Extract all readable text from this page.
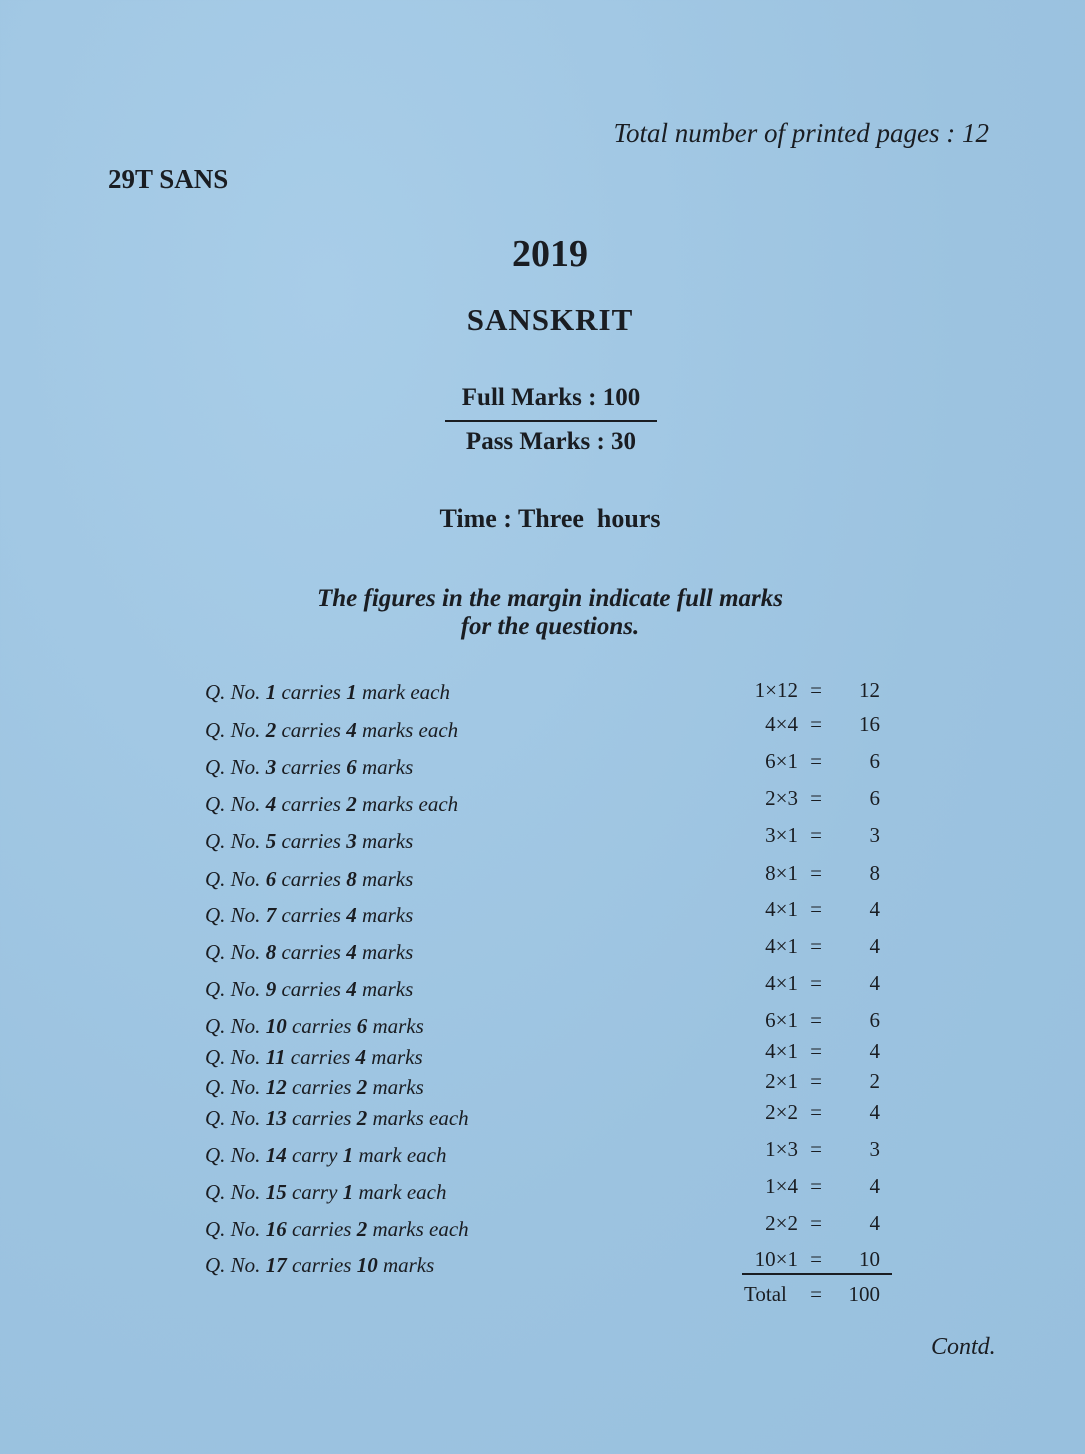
Total number of printed pages : 12
29T SANS
2019
SANSKRIT
Full Marks : 100
Pass Marks : 30
Time : Three  hours
The figures in the margin indicate full marks
for the questions.
Q. No. 1 carries 1 mark each	1×12 =	12
Q. No. 2 carries 4 marks each	4×4 =	16
Q. No. 3 carries 6 marks	6×1 =	6
Q. No. 4 carries 2 marks each	2×3 =	6
Q. No. 5 carries 3 marks	3×1 =	3
Q. No. 6 carries 8 marks	8×1 =	8
Q. No. 7 carries 4 marks	4×1 =	4
Q. No. 8 carries 4 marks	4×1 =	4
Q. No. 9 carries 4 marks	4×1 =	4
Q. No. 10 carries 6 marks	6×1 =	6
Q. No. 11 carries 4 marks	4×1 =	4
Q. No. 12 carries 2 marks	2×1 =	2
Q. No. 13 carries 2 marks each	2×2 =	4
Q. No. 14 carry 1 mark each	1×3 =	3
Q. No. 15 carry 1 mark each	1×4 =	4
Q. No. 16 carries 2 marks each	2×2 =	4
Q. No. 17 carries 10 marks	10×1 =	10
Total	=	100
Contd.
